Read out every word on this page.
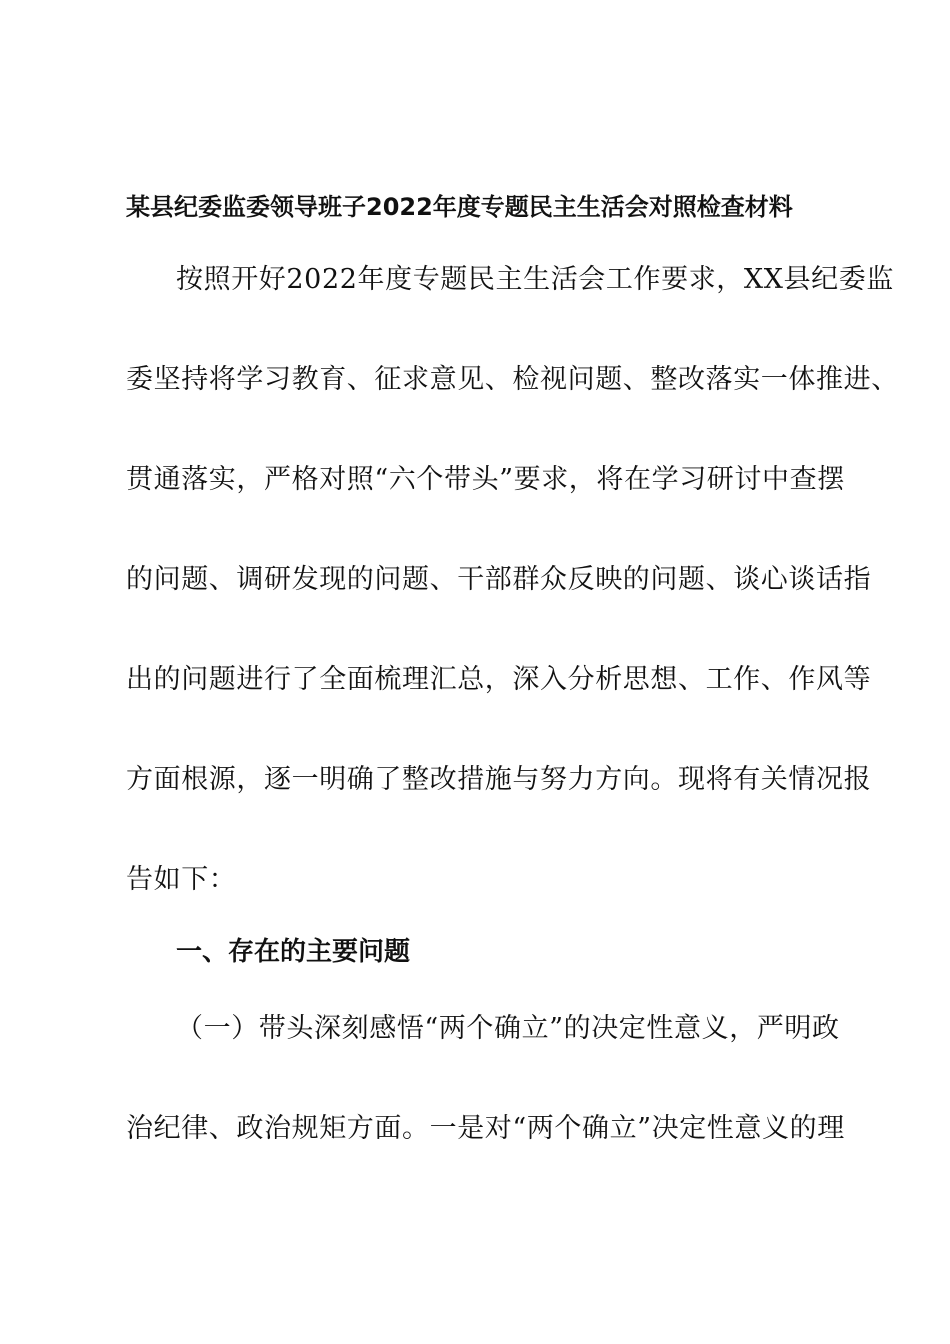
某县纪委监委领导班子2022年度专题民主生活会对照检查材料
按照开好2022年度专题民主生活会工作要求，XX县纪委监
委坚持将学习教育、征求意见、检视问题、整改落实一体推进、
贯通落实，严格对照“六个带头”要求，将在学习研讨中查摆
的问题、调研发现的问题、干部群众反映的问题、谈心谈话指
出的问题进行了全面梳理汇总，深入分析思想、工作、作风等
方面根源，逐一明确了整改措施与努力方向。现将有关情况报
告如下：
一、存在的主要问题
（一）带头深刻感悟“两个确立”的决定性意义，严明政
治纪律、政治规矩方面。一是对“两个确立”决定性意义的理
